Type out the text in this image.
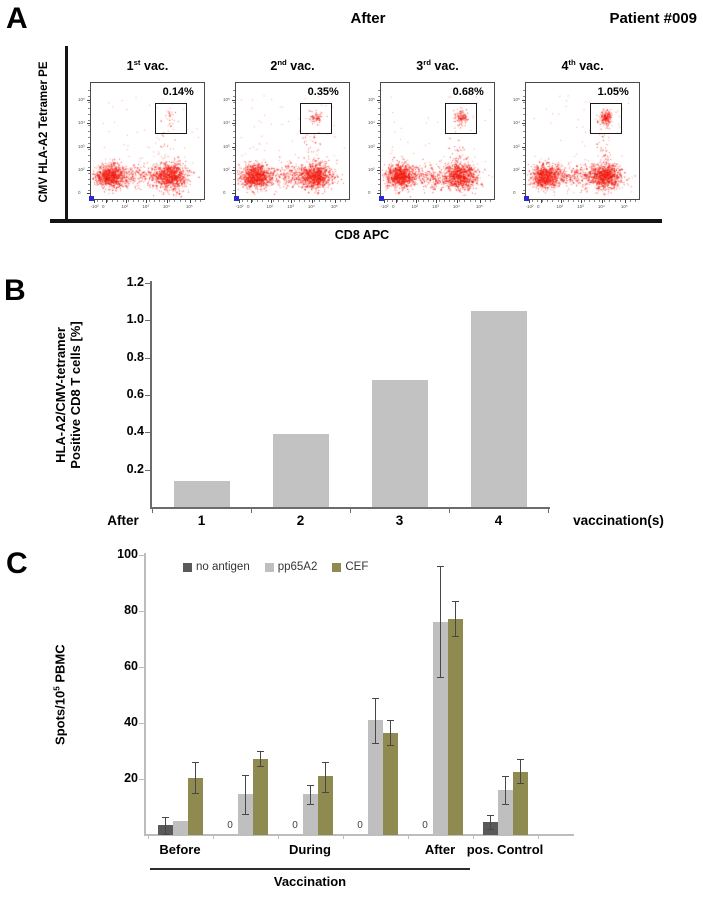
A	After	Patient #009
CMV HLA-A2 Tetramer PE
CD8 APC
1st vac.
0.14%
10⁵
10⁴
10³
10²
0
-10² 0	10²	10³	10⁴	10⁵
2nd vac.
0.35%
10⁵
10⁴
10³
10²
0
-10² 0	10²	10³	10⁴	10⁵
3rd vac.
0.68%
10⁵
10⁴
10³
10²
0
-10² 0	10²	10³	10⁴	10⁵
4th vac.
1.05%
10⁵
10⁴
10³
10²
0
-10² 0	10²	10³	10⁴	10⁵
B
HLA-A2/CMV-tetramer Positive CD8 T cells [%]
After	vaccination(s)
0.2
0.4
0.6
0.8
1.0
1.2
1	2	3	4
C
Spots/$10^5$ PBMC
no antigen pp65A2 CEF
Vaccination
20
40
60
80
100
0	0	0	0
Before	During	After pos. Control
